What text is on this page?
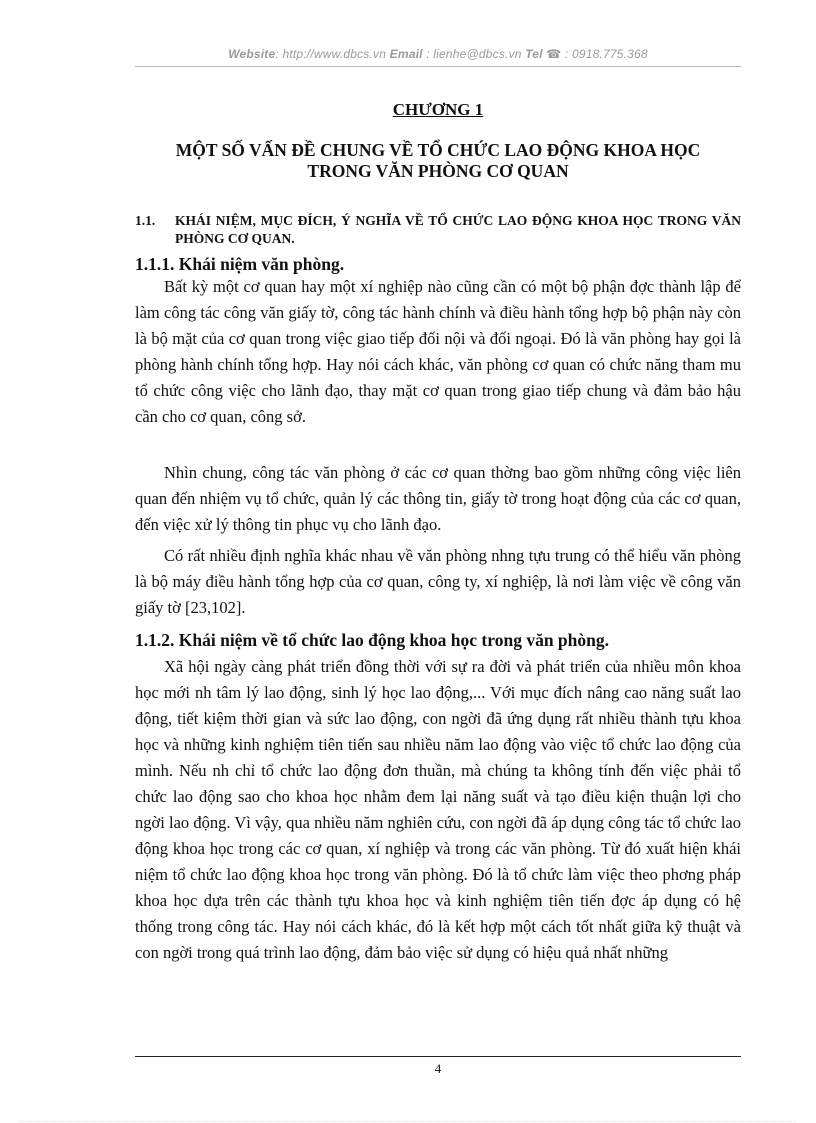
Website: http://www.dbcs.vn Email : lienhe@dbcs.vn Tel ☎ : 0918.775.368
CHƯƠNG 1
MỘT SỐ VẤN ĐỀ CHUNG VỀ TỔ CHỨC LAO ĐỘNG KHOA HỌC
TRONG VĂN PHÒNG CƠ QUAN
1.1. KHÁI NIỆM, MỤC ĐÍCH, Ý NGHĨA VỀ TỔ CHỨC LAO ĐỘNG KHOA HỌC TRONG VĂN PHÒNG CƠ QUAN.
1.1.1. Khái niệm văn phòng.

Bất kỳ một cơ quan hay một xí nghiệp nào cũng cần có một bộ phận đợc thành lập để làm công tác công văn giấy tờ, công tác hành chính và điều hành tổng hợp bộ phận này còn là bộ mặt của cơ quan trong việc giao tiếp đối nội và đối ngoại. Đó là văn phòng hay gọi là phòng hành chính tổng hợp. Hay nói cách khác, văn phòng cơ quan có chức năng tham mu tổ chức công việc cho lãnh đạo, thay mặt cơ quan trong giao tiếp chung và đảm bảo hậu cần cho cơ quan, công sở.

Nhìn chung, công tác văn phòng ở các cơ quan thờng bao gồm những công việc liên quan đến nhiệm vụ tổ chức, quản lý các thông tin, giấy tờ trong hoạt động của các cơ quan, đến việc xử lý thông tin phục vụ cho lãnh đạo.

Có rất nhiều định nghĩa khác nhau về văn phòng nhng tựu trung có thể hiểu văn phòng là bộ máy điều hành tổng hợp của cơ quan, công ty, xí nghiệp, là nơi làm việc về công văn giấy tờ [23,102].

1.1.2. Khái niệm về tổ chức lao động khoa học trong văn phòng.

Xã hội ngày càng phát triển đồng thời với sự ra đời và phát triển của nhiều môn khoa học mới nh tâm lý lao động, sinh lý học lao động,... Với mục đích nâng cao năng suất lao động, tiết kiệm thời gian và sức lao động, con ngời đã ứng dụng rất nhiều thành tựu khoa học và những kinh nghiệm tiên tiến sau nhiều năm lao động vào việc tổ chức lao động của mình. Nếu nh chỉ tổ chức lao động đơn thuần, mà chúng ta không tính đến việc phải tổ chức lao động sao cho khoa học nhằm đem lại năng suất và tạo điều kiện thuận lợi cho ngời lao động. Vì vậy, qua nhiều năm nghiên cứu, con ngời đã áp dụng công tác tổ chức lao động khoa học trong các cơ quan, xí nghiệp và trong các văn phòng. Từ đó xuất hiện khái niệm tổ chức lao động khoa học trong văn phòng. Đó là tổ chức làm việc theo phơng pháp khoa học dựa trên các thành tựu khoa học và kinh nghiệm tiên tiến đợc áp dụng có hệ thống trong công tác. Hay nói cách khác, đó là kết hợp một cách tốt nhất giữa kỹ thuật và con ngời trong quá trình lao động, đảm bảo việc sử dụng có hiệu quả nhất những

4
